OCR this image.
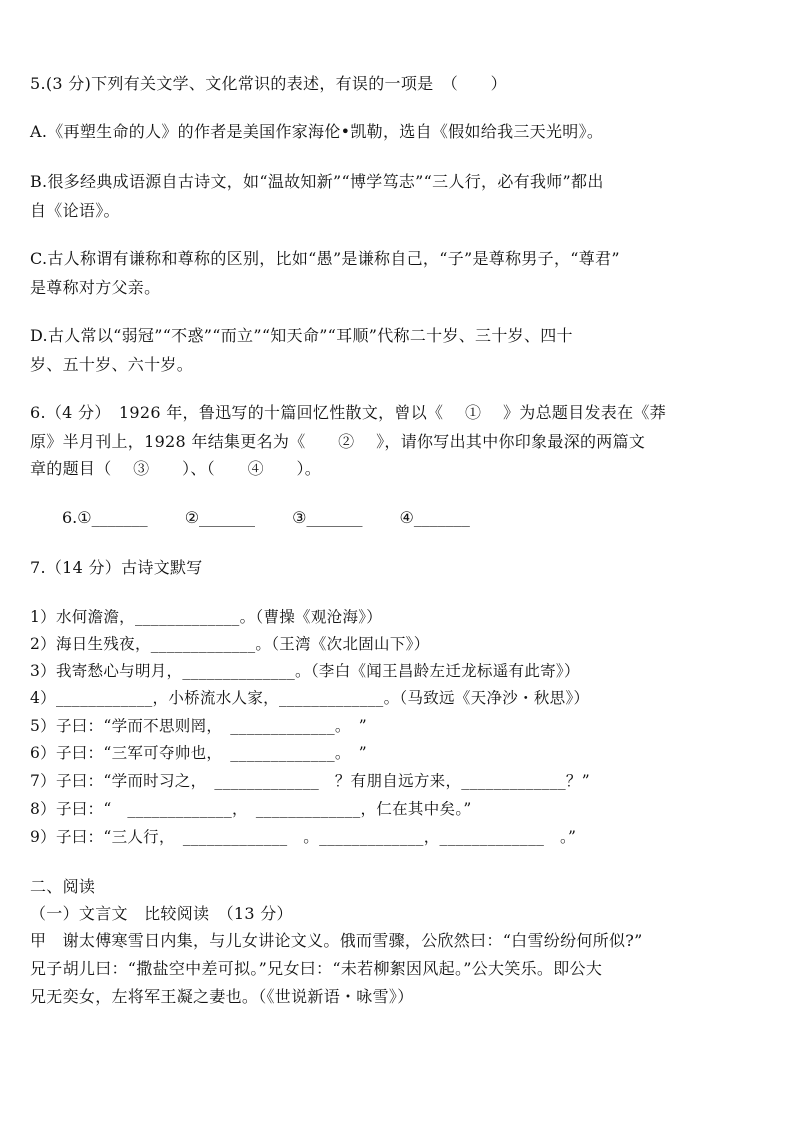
5.(3 分)下列有关文学、文化常识的表述，有误的一项是　（　　）
A.《再塑生命的人》的作者是美国作家海伦•凯勒，选自《假如给我三天光明》。
B.很多经典成语源自古诗文，如“温故知新”“博学笃志”“三人行，必有我师”都出
自《论语》。
C.古人称谓有谦称和尊称的区别，比如“愚”是谦称自己，“子”是尊称男子，“尊君”
是尊称对方父亲。
D.古人常以“弱冠”“不惑”“而立”“知天命”“耳顺”代称二十岁、三十岁、四十
岁、五十岁、六十岁。
6.（4 分）　1926 年，鲁迅写的十篇回忆性散文，曾以《　 ①　 》为总题目发表在《莽
原》半月刊上，1928 年结集更名为《　　②　 》，请你写出其中你印象最深的两篇文
章的题目（　 ③　　）、（　　④　　）。
6.①_______　　 ②_______　　 ③_______　　 ④_______
7.（14 分）古诗文默写
1）水何澹澹，_____________。（曹操《观沧海》）
2）海日生残夜，_____________。（王湾《次北固山下》）
3）我寄愁心与明月，______________。（李白《闻王昌龄左迁龙标遥有此寄》）
4）____________，小桥流水人家，_____________。（马致远《天净沙・秋思》）
5）子曰：“学而不思则罔，　_____________。　”
6）子曰：“三军可夺帅也，　_____________。　”
7）子曰：“学而时习之，　_____________　？有朋自远方来，_____________？”
8）子曰：“　_____________，　_____________，仁在其中矣。”
9）子曰：“三人行，　_____________　。_____________，_____________　。”
二、阅读
（一）文言文　比较阅读　（13 分）
甲　谢太傅寒雪日内集，与儿女讲论文义。俄而雪骤，公欣然曰：“白雪纷纷何所似?”
兄子胡儿曰：“撒盐空中差可拟。”兄女曰：“未若柳絮因风起。”公大笑乐。即公大
兄无奕女，左将军王凝之妻也。（《世说新语・咏雪》）
